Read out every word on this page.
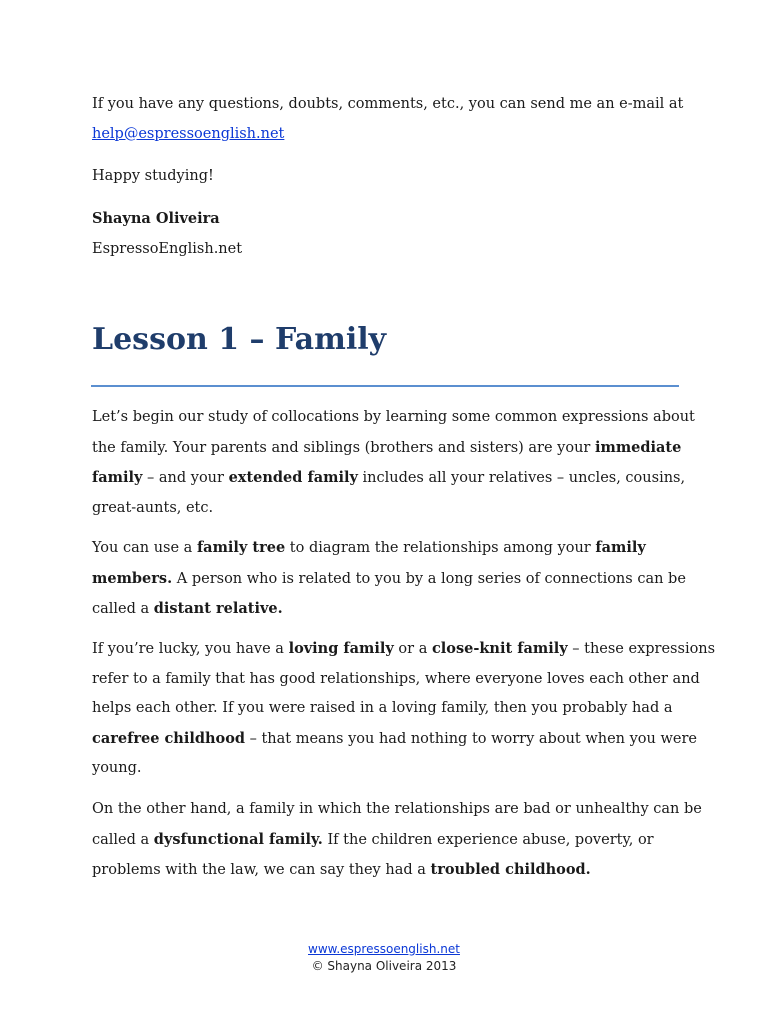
If you have any questions, doubts, comments, etc., you can send me an e-mail at
help@espressoenglish.net
Happy studying!
Shayna Oliveira
EspressoEnglish.net
Lesson 1 – Family
Let’s begin our study of collocations by learning some common expressions about
the family. Your parents and siblings (brothers and sisters) are your immediate
family – and your extended family includes all your relatives – uncles, cousins,
great-aunts, etc.
You can use a family tree to diagram the relationships among your family
members. A person who is related to you by a long series of connections can be
called a distant relative.
If you’re lucky, you have a loving family or a close-knit family – these expressions
refer to a family that has good relationships, where everyone loves each other and
helps each other. If you were raised in a loving family, then you probably had a
carefree childhood – that means you had nothing to worry about when you were
young.
On the other hand, a family in which the relationships are bad or unhealthy can be
called a dysfunctional family. If the children experience abuse, poverty, or
problems with the law, we can say they had a troubled childhood.
www.espressoenglish.net
© Shayna Oliveira 2013
